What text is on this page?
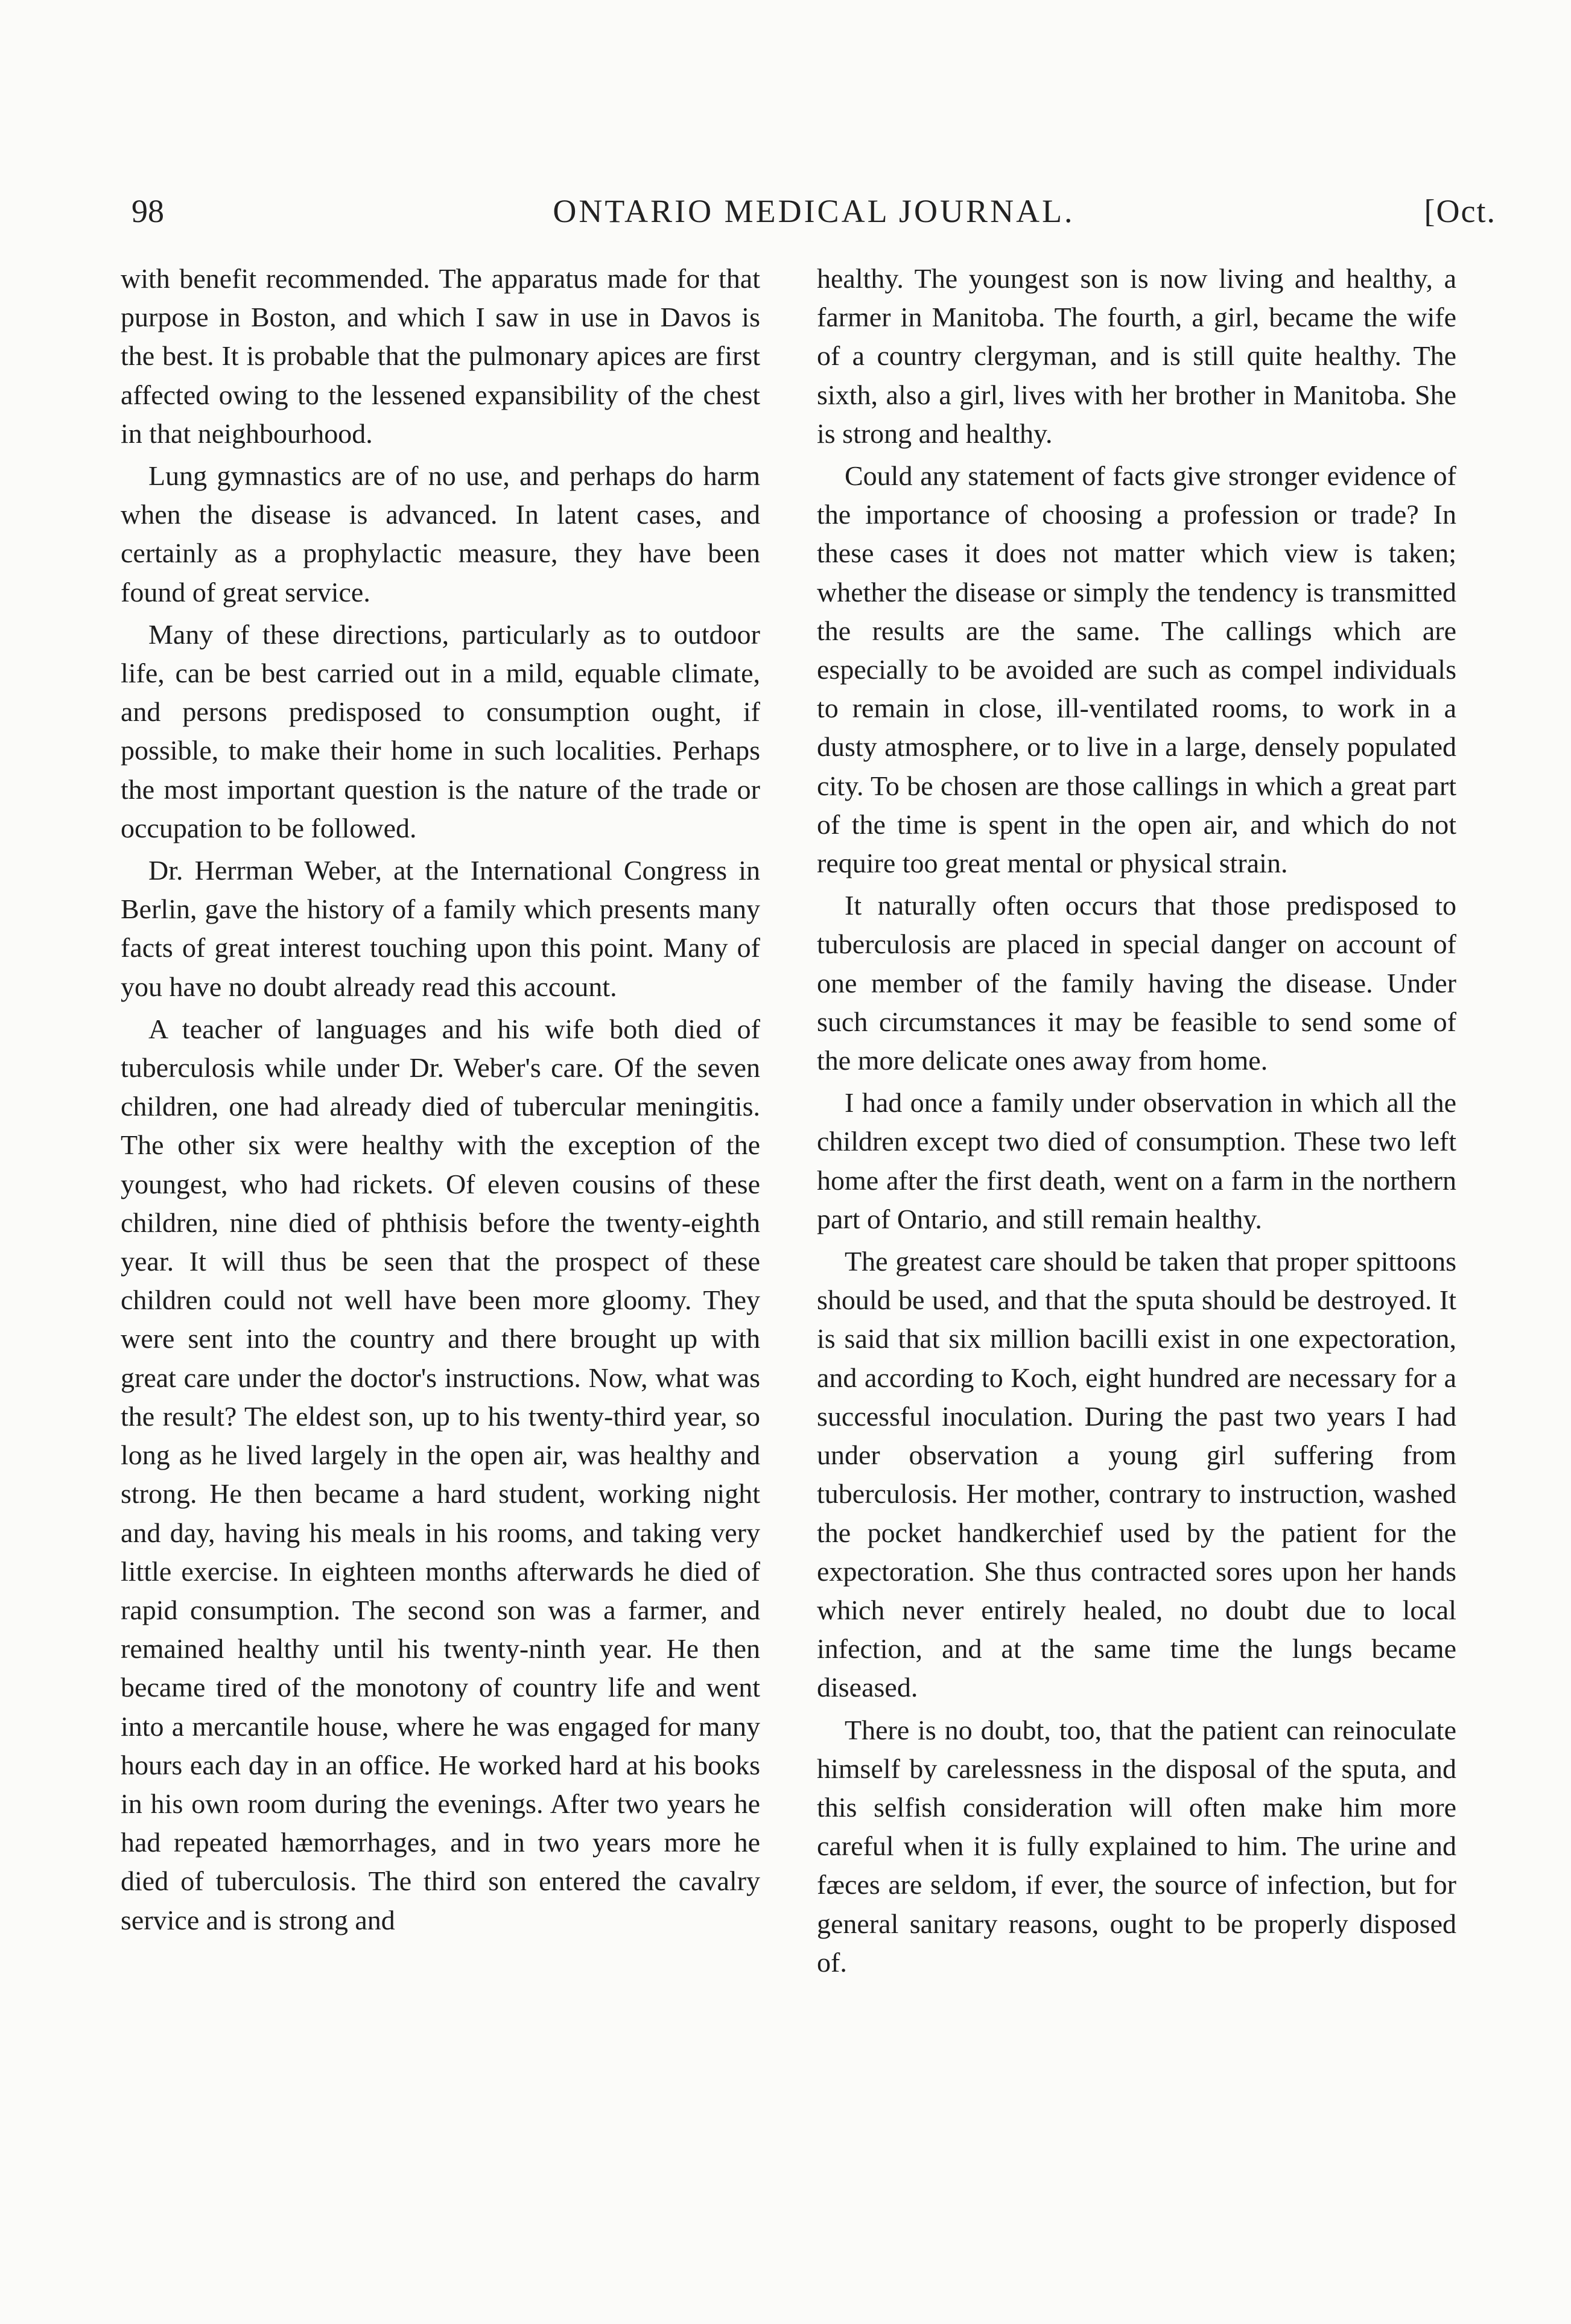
98	ONTARIO MEDICAL JOURNAL.	[Oct.

with benefit recommended. The apparatus made for that purpose in Boston, and which I saw in use in Davos is the best. It is probable that the pulmonary apices are first affected owing to the lessened expansibility of the chest in that neighbourhood.

Lung gymnastics are of no use, and perhaps do harm when the disease is advanced. In latent cases, and certainly as a prophylactic measure, they have been found of great service.

Many of these directions, particularly as to outdoor life, can be best carried out in a mild, equable climate, and persons predisposed to consumption ought, if possible, to make their home in such localities. Perhaps the most important question is the nature of the trade or occupation to be followed.

Dr. Herrman Weber, at the International Congress in Berlin, gave the history of a family which presents many facts of great interest touching upon this point. Many of you have no doubt already read this account.

A teacher of languages and his wife both died of tuberculosis while under Dr. Weber's care. Of the seven children, one had already died of tubercular meningitis. The other six were healthy with the exception of the youngest, who had rickets. Of eleven cousins of these children, nine died of phthisis before the twenty-eighth year. It will thus be seen that the prospect of these children could not well have been more gloomy. They were sent into the country and there brought up with great care under the doctor's instructions. Now, what was the result? The eldest son, up to his twenty-third year, so long as he lived largely in the open air, was healthy and strong. He then became a hard student, working night and day, having his meals in his rooms, and taking very little exercise. In eighteen months afterwards he died of rapid consumption. The second son was a farmer, and remained healthy until his twenty-ninth year. He then became tired of the monotony of country life and went into a mercantile house, where he was engaged for many hours each day in an office. He worked hard at his books in his own room during the evenings. After two years he had repeated hæmorrhages, and in two years more he died of tuberculosis. The third son entered the cavalry service and is strong and

healthy. The youngest son is now living and healthy, a farmer in Manitoba. The fourth, a girl, became the wife of a country clergyman, and is still quite healthy. The sixth, also a girl, lives with her brother in Manitoba. She is strong and healthy.

Could any statement of facts give stronger evidence of the importance of choosing a profession or trade? In these cases it does not matter which view is taken; whether the disease or simply the tendency is transmitted the results are the same. The callings which are especially to be avoided are such as compel individuals to remain in close, ill-ventilated rooms, to work in a dusty atmosphere, or to live in a large, densely populated city. To be chosen are those callings in which a great part of the time is spent in the open air, and which do not require too great mental or physical strain.

It naturally often occurs that those predisposed to tuberculosis are placed in special danger on account of one member of the family having the disease. Under such circumstances it may be feasible to send some of the more delicate ones away from home.

I had once a family under observation in which all the children except two died of consumption. These two left home after the first death, went on a farm in the northern part of Ontario, and still remain healthy.

The greatest care should be taken that proper spittoons should be used, and that the sputa should be destroyed. It is said that six million bacilli exist in one expectoration, and according to Koch, eight hundred are necessary for a successful inoculation. During the past two years I had under observation a young girl suffering from tuberculosis. Her mother, contrary to instruction, washed the pocket handkerchief used by the patient for the expectoration. She thus contracted sores upon her hands which never entirely healed, no doubt due to local infection, and at the same time the lungs became diseased.

There is no doubt, too, that the patient can reinoculate himself by carelessness in the disposal of the sputa, and this selfish consideration will often make him more careful when it is fully explained to him. The urine and fæces are seldom, if ever, the source of infection, but for general sanitary reasons, ought to be properly disposed of.
